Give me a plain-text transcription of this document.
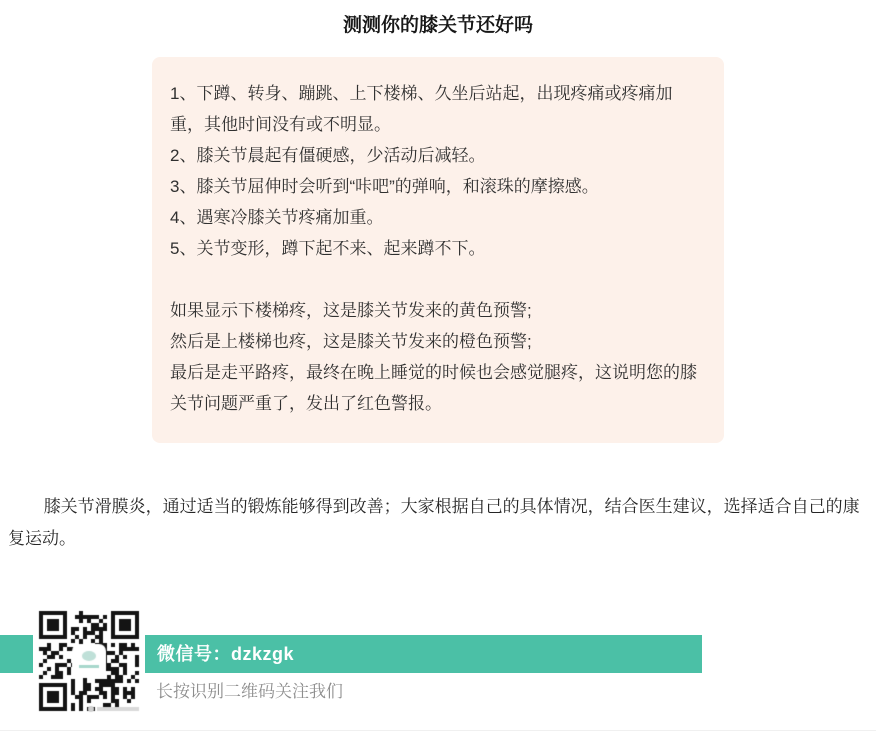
测测你的膝关节还好吗

1、下蹲、转身、蹦跳、上下楼梯、久坐后站起，出现疼痛或疼痛加重，其他时间没有或不明显。

2、膝关节晨起有僵硬感，少活动后减轻。

3、膝关节屈伸时会听到“咔吧”的弹响，和滚珠的摩擦感。

4、遇寒冷膝关节疼痛加重。

5、关节变形，蹲下起不来、起来蹲不下。

如果显示下楼梯疼，这是膝关节发来的黄色预警;

然后是上楼梯也疼，这是膝关节发来的橙色预警;

最后是走平路疼，最终在晚上睡觉的时候也会感觉腿疼，这说明您的膝关节问题严重了，发出了红色警报。

膝关节滑膜炎，通过适当的锻炼能够得到改善；大家根据自己的具体情况，结合医生建议，选择适合自己的康复运动。

微信号：dzkzgk
长按识别二维码关注我们
